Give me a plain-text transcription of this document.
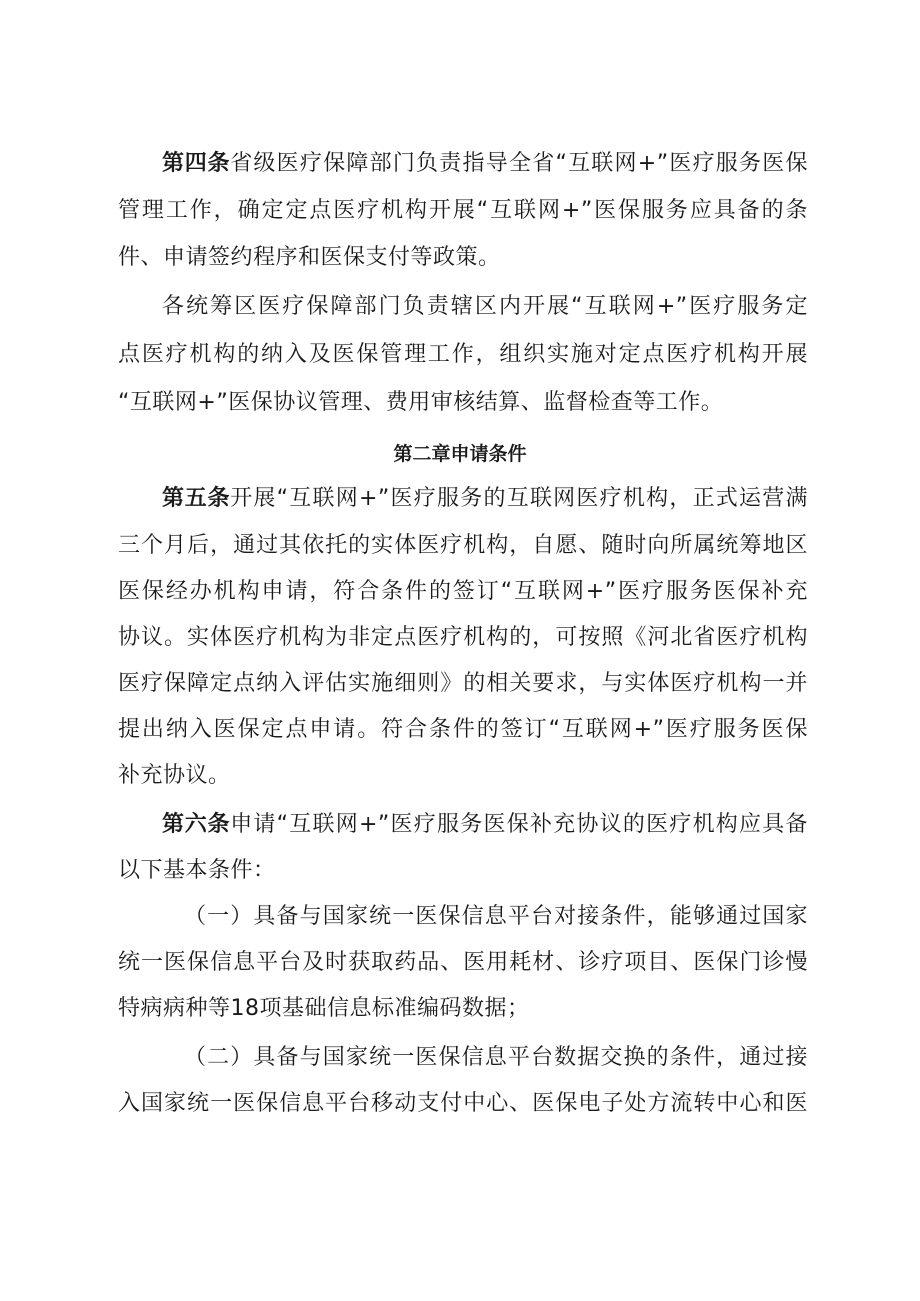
第四条省级医疗保障部门负责指导全省“互联网+”医疗服务医保
管理工作，确定定点医疗机构开展“互联网+”医保服务应具备的条
件、申请签约程序和医保支付等政策。
各统筹区医疗保障部门负责辖区内开展“互联网+”医疗服务定
点医疗机构的纳入及医保管理工作，组织实施对定点医疗机构开展
“互联网+”医保协议管理、费用审核结算、监督检查等工作。
第二章申请条件
第五条开展“互联网+”医疗服务的互联网医疗机构，正式运营满
三个月后，通过其依托的实体医疗机构，自愿、随时向所属统筹地区
医保经办机构申请，符合条件的签订“互联网+”医疗服务医保补充
协议。实体医疗机构为非定点医疗机构的，可按照《河北省医疗机构
医疗保障定点纳入评估实施细则》的相关要求，与实体医疗机构一并
提出纳入医保定点申请。符合条件的签订“互联网+”医疗服务医保
补充协议。
第六条申请“互联网+”医疗服务医保补充协议的医疗机构应具备
以下基本条件：
（一）具备与国家统一医保信息平台对接条件，能够通过国家
统一医保信息平台及时获取药品、医用耗材、诊疗项目、医保门诊慢
特病病种等18项基础信息标准编码数据；
（二）具备与国家统一医保信息平台数据交换的条件，通过接
入国家统一医保信息平台移动支付中心、医保电子处方流转中心和医
